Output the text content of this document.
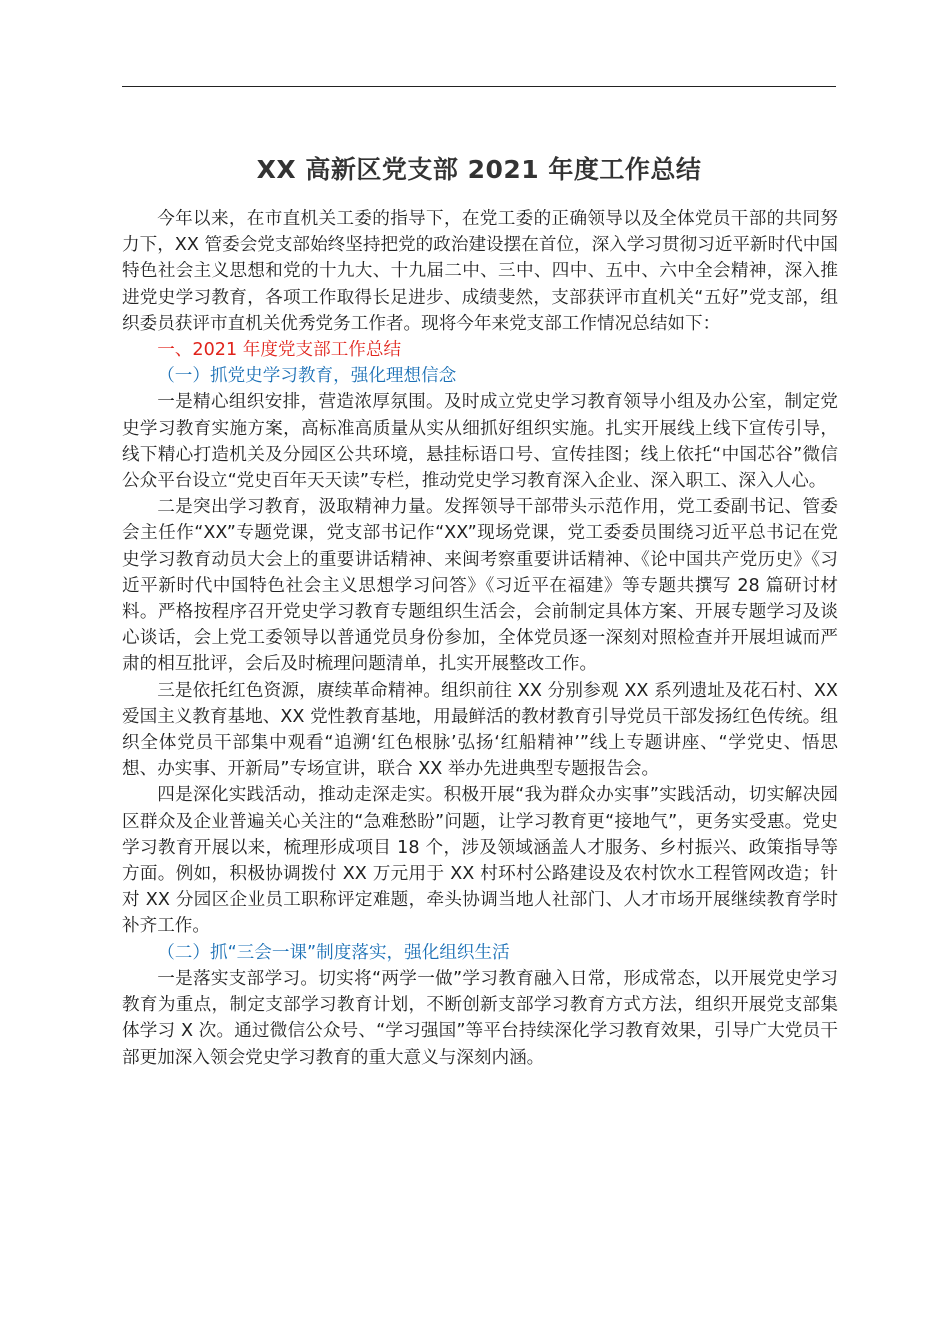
XX 高新区党支部 2021 年度工作总结

今年以来，在市直机关工委的指导下，在党工委的正确领导以及全体党员干部的共同努力下，XX 管委会党支部始终坚持把党的政治建设摆在首位，深入学习贯彻习近平新时代中国特色社会主义思想和党的十九大、十九届二中、三中、四中、五中、六中全会精神，深入推进党史学习教育，各项工作取得长足进步、成绩斐然，支部获评市直机关“五好”党支部，组织委员获评市直机关优秀党务工作者。现将今年来党支部工作情况总结如下：

一、2021 年度党支部工作总结

（一）抓党史学习教育，强化理想信念

一是精心组织安排，营造浓厚氛围。及时成立党史学习教育领导小组及办公室，制定党史学习教育实施方案，高标准高质量从实从细抓好组织实施。扎实开展线上线下宣传引导，线下精心打造机关及分园区公共环境，悬挂标语口号、宣传挂图；线上依托“中国芯谷”微信公众平台设立“党史百年天天读”专栏，推动党史学习教育深入企业、深入职工、深入人心。

二是突出学习教育，汲取精神力量。发挥领导干部带头示范作用，党工委副书记、管委会主任作“XX”专题党课，党支部书记作“XX”现场党课，党工委委员围绕习近平总书记在党史学习教育动员大会上的重要讲话精神、来闽考察重要讲话精神、《论中国共产党历史》《习近平新时代中国特色社会主义思想学习问答》《习近平在福建》等专题共撰写 28 篇研讨材料。严格按程序召开党史学习教育专题组织生活会，会前制定具体方案、开展专题学习及谈心谈话，会上党工委领导以普通党员身份参加，全体党员逐一深刻对照检查并开展坦诚而严肃的相互批评，会后及时梳理问题清单，扎实开展整改工作。

三是依托红色资源，赓续革命精神。组织前往 XX 分别参观 XX 系列遗址及花石村、XX 爱国主义教育基地、XX 党性教育基地，用最鲜活的教材教育引导党员干部发扬红色传统。组织全体党员干部集中观看“追溯‘红色根脉’弘扬‘红船精神’”线上专题讲座、“学党史、悟思想、办实事、开新局”专场宣讲，联合 XX 举办先进典型专题报告会。

四是深化实践活动，推动走深走实。积极开展“我为群众办实事”实践活动，切实解决园区群众及企业普遍关心关注的“急难愁盼”问题，让学习教育更“接地气”，更务实受惠。党史学习教育开展以来，梳理形成项目 18 个，涉及领域涵盖人才服务、乡村振兴、政策指导等方面。例如，积极协调拨付 XX 万元用于 XX 村环村公路建设及农村饮水工程管网改造；针对 XX 分园区企业员工职称评定难题，牵头协调当地人社部门、人才市场开展继续教育学时补齐工作。

（二）抓“三会一课”制度落实，强化组织生活

一是落实支部学习。切实将“两学一做”学习教育融入日常，形成常态，以开展党史学习教育为重点，制定支部学习教育计划，不断创新支部学习教育方式方法，组织开展党支部集体学习 X 次。通过微信公众号、“学习强国”等平台持续深化学习教育效果，引导广大党员干部更加深入领会党史学习教育的重大意义与深刻内涵。
